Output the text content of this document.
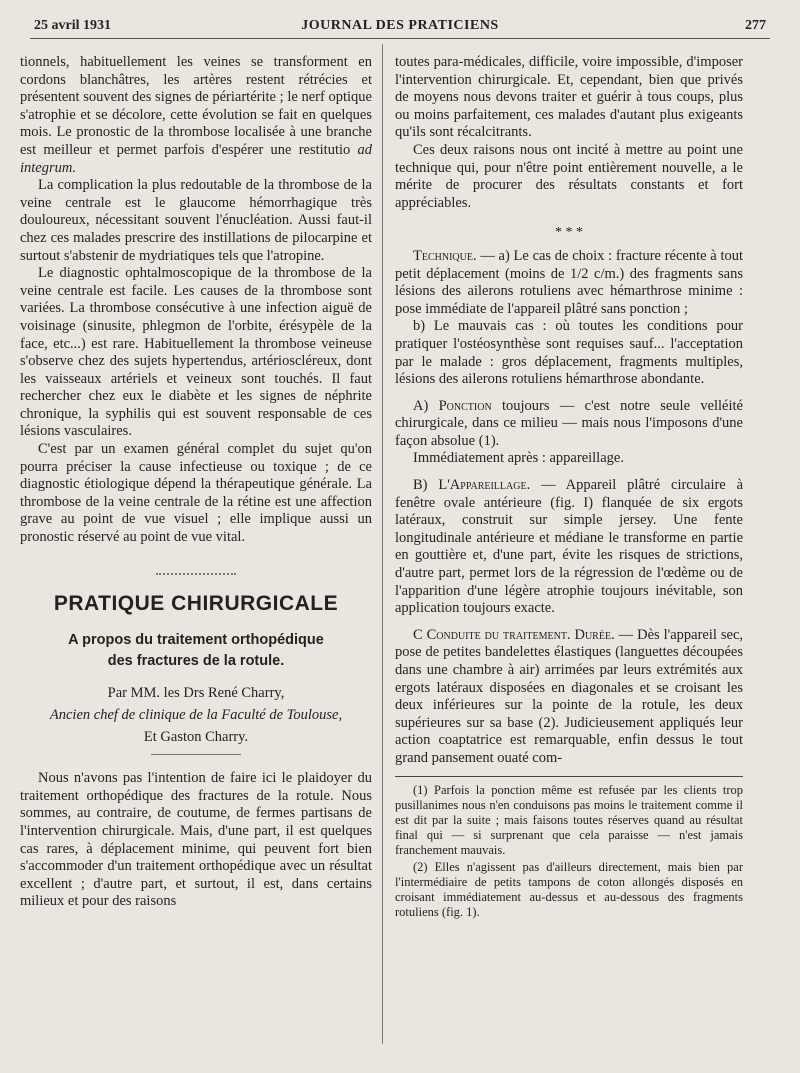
25 avril 1931	JOURNAL DES PRATICIENS	277

tionnels, habituellement les veines se transforment en cordons blanchâtres, les artères restent rétrécies et présentent souvent des signes de périartérite ; le nerf optique s'atrophie et se décolore, cette évolution se fait en quelques mois. Le pronostic de la thrombose localisée à une branche est meilleur et permet parfois d'espérer une restitutio ad integrum.

La complication la plus redoutable de la thrombose de la veine centrale est le glaucome hémorrhagique très douloureux, nécessitant souvent l'énucléation. Aussi faut-il chez ces malades prescrire des instillations de pilocarpine et surtout s'abstenir de mydriatiques tels que l'atropine.

Le diagnostic ophtalmoscopique de la thrombose de la veine centrale est facile. Les causes de la thrombose sont variées. La thrombose consécutive à une infection aiguë de voisinage (sinusite, phlegmon de l'orbite, érésypèle de la face, etc...) est rare. Habituellement la thrombose veineuse s'observe chez des sujets hypertendus, artérioscléreux, dont les vaisseaux artériels et veineux sont touchés. Il faut rechercher chez eux le diabète et les signes de néphrite chronique, la syphilis qui est souvent responsable de ces lésions vasculaires.

C'est par un examen général complet du sujet qu'on pourra préciser la cause infectieuse ou toxique ; de ce diagnostic étiologique dépend la thérapeutique générale. La thrombose de la veine centrale de la rétine est une affection grave au point de vue visuel ; elle implique aussi un pronostic réservé au point de vue vital.

PRATIQUE CHIRURGICALE
A propos du traitement orthopédique
des fractures de la rotule.
Par MM. les Drs René Charry,
Ancien chef de clinique de la Faculté de Toulouse,
Et Gaston Charry.

Nous n'avons pas l'intention de faire ici le plaidoyer du traitement orthopédique des fractures de la rotule. Nous sommes, au contraire, de coutume, de fermes partisans de l'intervention chirurgicale. Mais, d'une part, il est quelques cas rares, à déplacement minime, qui peuvent fort bien s'accommoder d'un traitement orthopédique avec un résultat excellent ; d'autre part, et surtout, il est, dans certains milieux et pour des raisons

toutes para-médicales, difficile, voire impossible, d'imposer l'intervention chirurgicale. Et, cependant, bien que privés de moyens nous devons traiter et guérir à tous coups, plus ou moins parfaitement, ces malades d'autant plus exigeants qu'ils sont récalcitrants.

Ces deux raisons nous ont incité à mettre au point une technique qui, pour n'être point entièrement nouvelle, a le mérite de procurer des résultats constants et fort appréciables.

* * *

Technique. — a) Le cas de choix : fracture récente à tout petit déplacement (moins de 1/2 c/m.) des fragments sans lésions des ailerons rotuliens avec hémarthrose minime : pose immédiate de l'appareil plâtré sans ponction ;

b) Le mauvais cas : où toutes les conditions pour pratiquer l'ostéosynthèse sont requises sauf... l'acceptation par le malade : gros déplacement, fragments multiples, lésions des ailerons rotuliens hémarthrose abondante.

A) Ponction toujours — c'est notre seule velléité chirurgicale, dans ce milieu — mais nous l'imposons d'une façon absolue (1).

Immédiatement après : appareillage.

B) L'Appareillage. — Appareil plâtré circulaire à fenêtre ovale antérieure (fig. I) flanquée de six ergots latéraux, construit sur simple jersey. Une fente longitudinale antérieure et médiane le transforme en partie en gouttière et, d'une part, évite les risques de strictions, d'autre part, permet lors de la régression de l'œdème ou de l'apparition d'une légère atrophie toujours inévitable, son application toujours exacte.

C Conduite du traitement. Durée. — Dès l'appareil sec, pose de petites bandelettes élastiques (languettes découpées dans une chambre à air) arrimées par leurs extrémités aux ergots latéraux disposées en diagonales et se croisant les deux inférieures sur la pointe de la rotule, les deux supérieures sur sa base (2). Judicieusement appliqués leur action coaptatrice est remarquable, enfin dessus le tout grand pansement ouaté com-

(1) Parfois la ponction même est refusée par les clients trop pusillanimes nous n'en conduisons pas moins le traitement comme il est dit par la suite ; mais faisons toutes réserves quand au résultat final qui — si surprenant que cela paraisse — n'est jamais franchement mauvais.

(2) Elles n'agissent pas d'ailleurs directement, mais bien par l'intermédiaire de petits tampons de coton allongés disposés en croisant immédiatement au-dessus et au-dessous des fragments rotuliens (fig. 1).
